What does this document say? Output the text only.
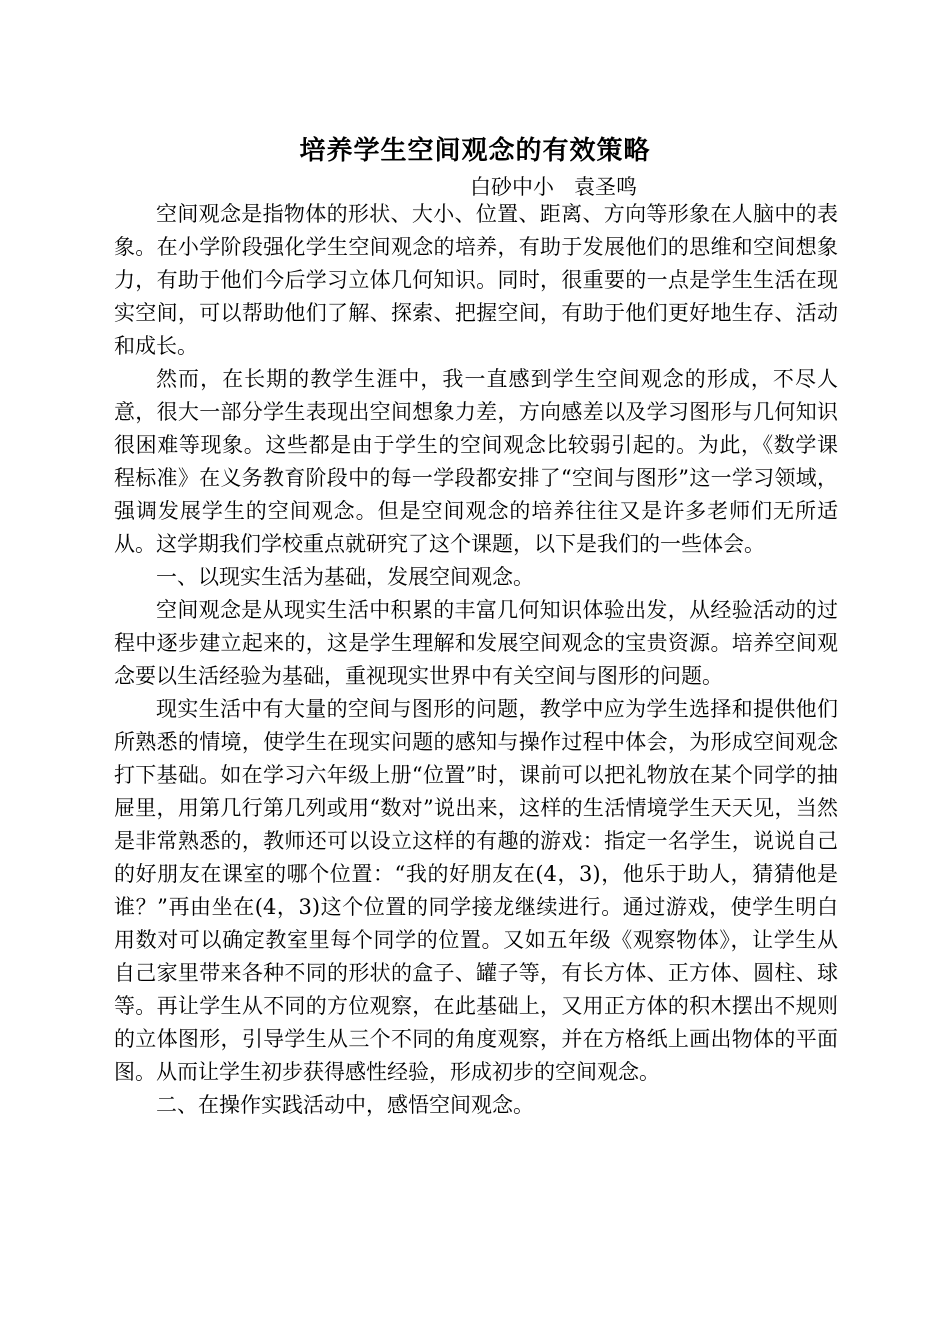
培养学生空间观念的有效策略
白砂中小   袁圣鸣

空间观念是指物体的形状、大小、位置、距离、方向等形象在人脑中的表象。在小学阶段强化学生空间观念的培养，有助于发展他们的思维和空间想象力，有助于他们今后学习立体几何知识。同时，很重要的一点是学生生活在现实空间，可以帮助他们了解、探索、把握空间，有助于他们更好地生存、活动和成长。

然而，在长期的教学生涯中，我一直感到学生空间观念的形成，不尽人意，很大一部分学生表现出空间想象力差，方向感差以及学习图形与几何知识很困难等现象。这些都是由于学生的空间观念比较弱引起的。为此，《数学课程标准》在义务教育阶段中的每一学段都安排了“空间与图形”这一学习领域，强调发展学生的空间观念。但是空间观念的培养往往又是许多老师们无所适从。这学期我们学校重点就研究了这个课题，以下是我们的一些体会。

一、以现实生活为基础，发展空间观念。

空间观念是从现实生活中积累的丰富几何知识体验出发，从经验活动的过程中逐步建立起来的，这是学生理解和发展空间观念的宝贵资源。培养空间观念要以生活经验为基础，重视现实世界中有关空间与图形的问题。

现实生活中有大量的空间与图形的问题，教学中应为学生选择和提供他们所熟悉的情境，使学生在现实问题的感知与操作过程中体会，为形成空间观念打下基础。如在学习六年级上册“位置”时，课前可以把礼物放在某个同学的抽屉里，用第几行第几列或用“数对”说出来，这样的生活情境学生天天见，当然是非常熟悉的，教师还可以设立这样的有趣的游戏：指定一名学生，说说自己的好朋友在课室的哪个位置：“我的好朋友在(4，3)，他乐于助人，猜猜他是谁？”再由坐在(4，3)这个位置的同学接龙继续进行。通过游戏，使学生明白用数对可以确定教室里每个同学的位置。又如五年级《观察物体》，让学生从自己家里带来各种不同的形状的盒子、罐子等，有长方体、正方体、圆柱、球等。再让学生从不同的方位观察，在此基础上，又用正方体的积木摆出不规则的立体图形，引导学生从三个不同的角度观察，并在方格纸上画出物体的平面图。从而让学生初步获得感性经验，形成初步的空间观念。

二、在操作实践活动中，感悟空间观念。
